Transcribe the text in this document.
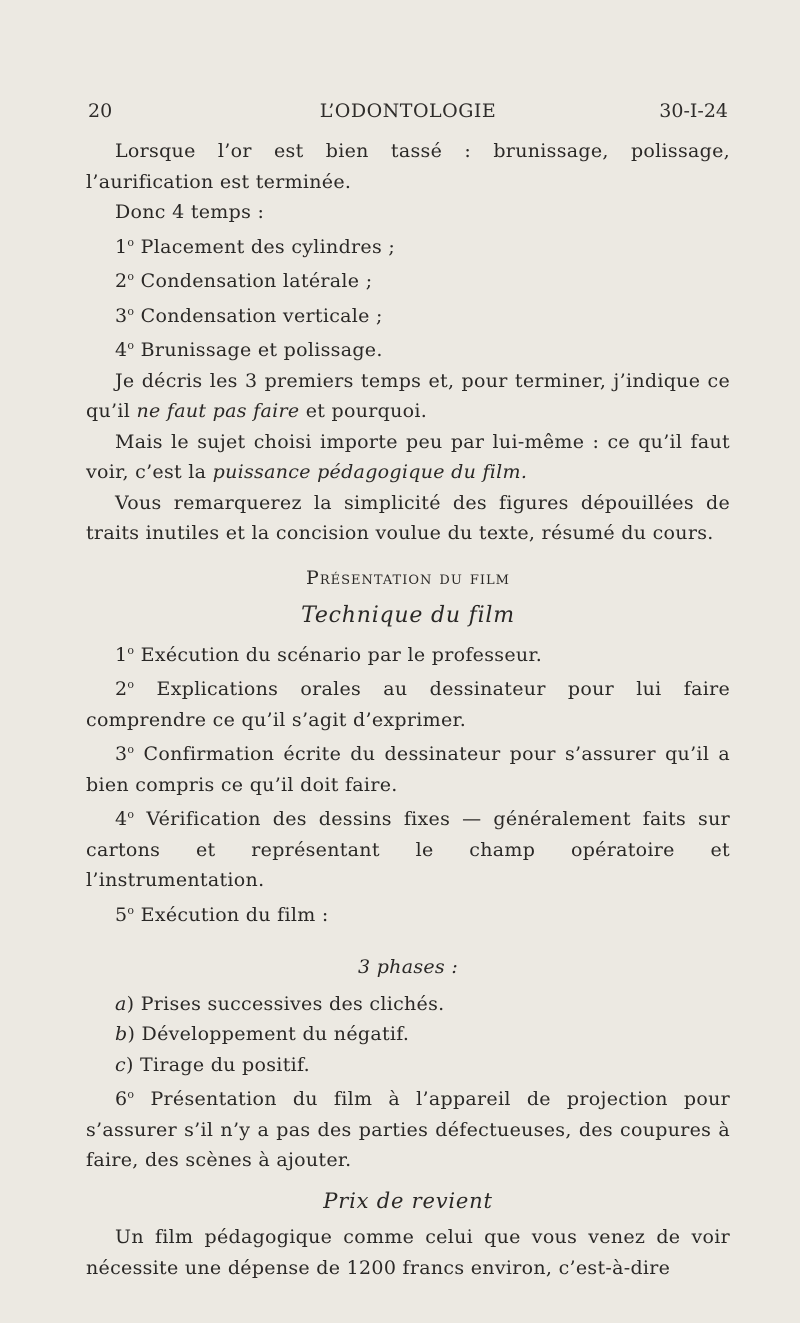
20	L’ODONTOLOGIE	30-I-24

Lorsque l’or est bien tassé : brunissage, polissage, l’aurification est terminée.

Donc 4 temps :

1$^o$ Placement des cylindres ;

2$^o$ Condensation latérale ;

3$^o$ Condensation verticale ;

4$^o$ Brunissage et polissage.

Je décris les 3 premiers temps et, pour terminer, j’indique ce qu’il ne faut pas faire et pourquoi.

Mais le sujet choisi importe peu par lui-même : ce qu’il faut voir, c’est la puissance pédagogique du film.

Vous remarquerez la simplicité des figures dépouillées de traits inutiles et la concision voulue du texte, résumé du cours.

Présentation du film

Technique du film

1$^o$ Exécution du scénario par le professeur.

2$^o$ Explications orales au dessinateur pour lui faire comprendre ce qu’il s’agit d’exprimer.

3$^o$ Confirmation écrite du dessinateur pour s’assurer qu’il a bien compris ce qu’il doit faire.

4$^o$ Vérification des dessins fixes — généralement faits sur cartons et représentant le champ opératoire et l’instrumentation.

5$^o$ Exécution du film :

3 phases :

a) Prises successives des clichés.

b) Développement du négatif.

c) Tirage du positif.

6$^o$ Présentation du film à l’appareil de projection pour s’assurer s’il n’y a pas des parties défectueuses, des coupures à faire, des scènes à ajouter.

Prix de revient

Un film pédagogique comme celui que vous venez de voir nécessite une dépense de 1200 francs environ, c’est-à-dire
